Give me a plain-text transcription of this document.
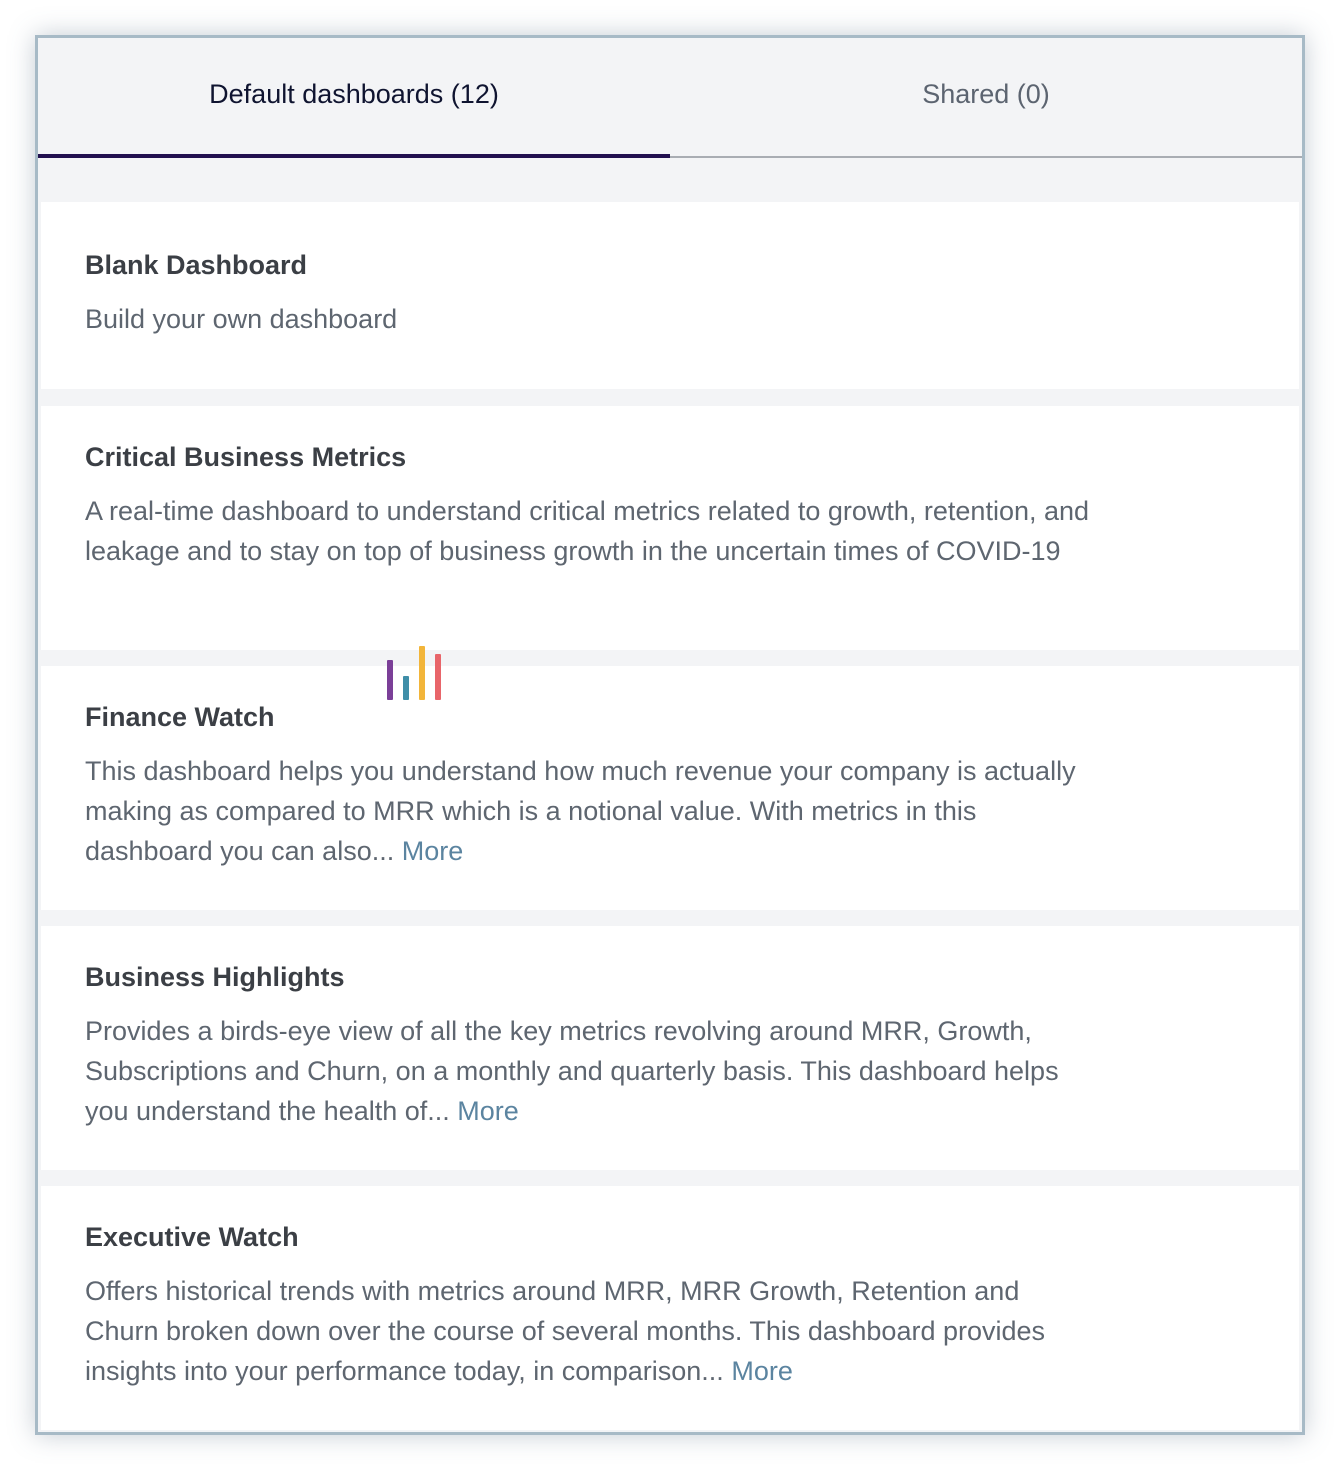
Default dashboards (12)	Shared (0)

Blank Dashboard

Build your own dashboard

Critical Business Metrics

A real-time dashboard to understand critical metrics related to growth, retention, and leakage and to stay on top of business growth in the uncertain times of COVID-19

Finance Watch

This dashboard helps you understand how much revenue your company is actually making as compared to MRR which is a notional value. With metrics in this dashboard you can also... More

Business Highlights

Provides a birds-eye view of all the key metrics revolving around MRR, Growth, Subscriptions and Churn, on a monthly and quarterly basis. This dashboard helps you understand the health of... More

Executive Watch

Offers historical trends with metrics around MRR, MRR Growth, Retention and Churn broken down over the course of several months. This dashboard provides insights into your performance today, in comparison... More
